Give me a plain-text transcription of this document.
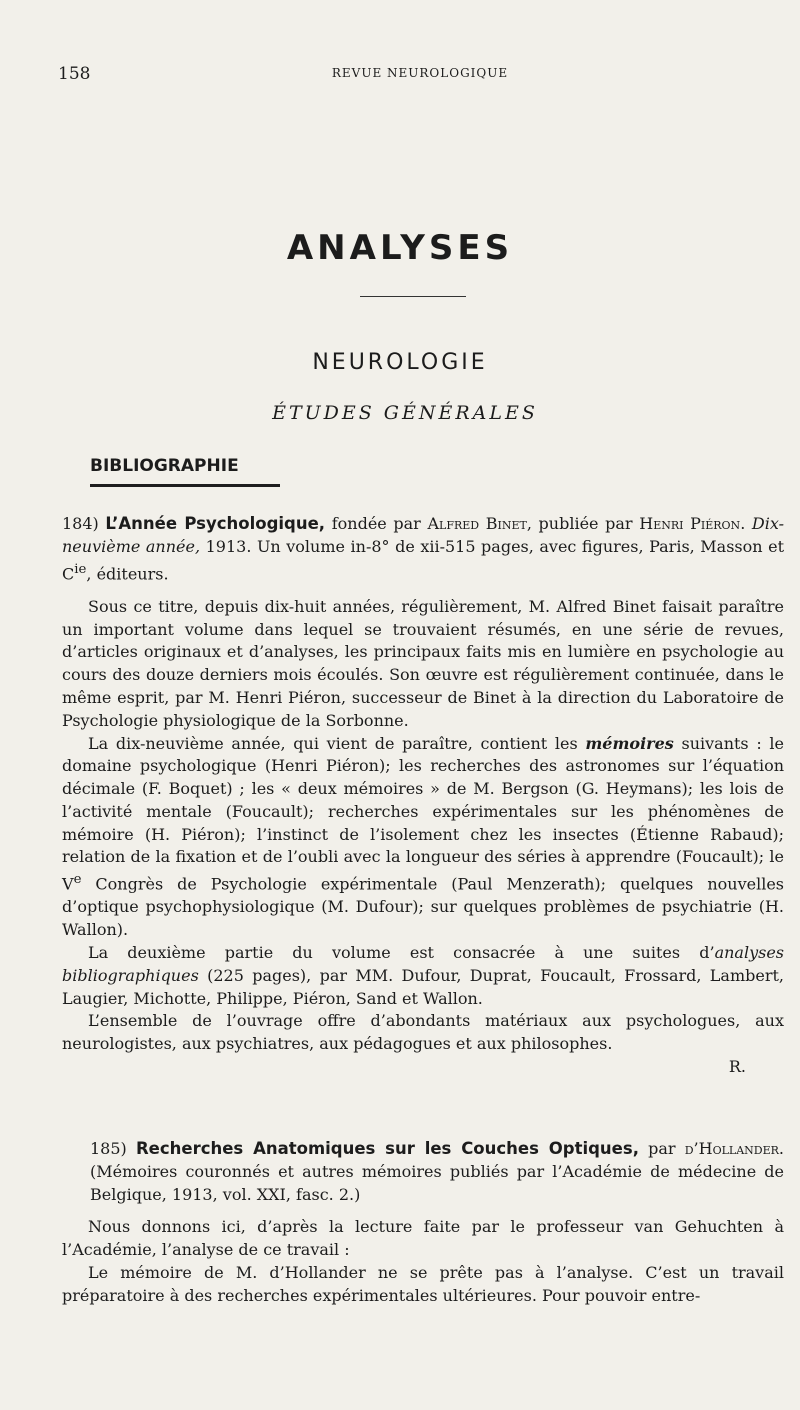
158	REVUE NEUROLOGIQUE
ANALYSES
NEUROLOGIE
ÉTUDES GÉNÉRALES
BIBLIOGRAPHIE

184) L’Année Psychologique, fondée par Alfred Binet, publiée par Henri Piéron. Dix-neuvième année, 1913. Un volume in-8° de xii-515 pages, avec figures, Paris, Masson et $C^{ie}$, éditeurs.

Sous ce titre, depuis dix-huit années, régulièrement, M. Alfred Binet faisait paraître un important volume dans lequel se trouvaient résumés, en une série de revues, d’articles originaux et d’analyses, les principaux faits mis en lumière en psychologie au cours des douze derniers mois écoulés. Son œuvre est régulièrement continuée, dans le même esprit, par M. Henri Piéron, successeur de Binet à la direction du Laboratoire de Psychologie physiologique de la Sorbonne.

La dix-neuvième année, qui vient de paraître, contient les mémoires suivants : le domaine psychologique (Henri Piéron); les recherches des astronomes sur l’équation décimale (F. Boquet) ; les « deux mémoires » de M. Bergson (G. Heymans); les lois de l’activité mentale (Foucault); recherches expérimentales sur les phénomènes de mémoire (H. Piéron); l’instinct de l’isolement chez les insectes (Étienne Rabaud); relation de la fixation et de l’oubli avec la longueur des séries à apprendre (Foucault); le Ve Congrès de Psychologie expérimentale (Paul Menzerath); quelques nouvelles d’optique psychophysiologique (M. Dufour); sur quelques problèmes de psychiatrie (H. Wallon).

La deuxième partie du volume est consacrée à une suites d’analyses bibliographiques (225 pages), par MM. Dufour, Duprat, Foucault, Frossard, Lambert, Laugier, Michotte, Philippe, Piéron, Sand et Wallon.

L’ensemble de l’ouvrage offre d’abondants matériaux aux psychologues, aux neurologistes, aux psychiatres, aux pédagogues et aux philosophes.

R.

185) Recherches Anatomiques sur les Couches Optiques, par d’Hollander. (Mémoires couronnés et autres mémoires publiés par l’Académie de médecine de Belgique, 1913, vol. XXI, fasc. 2.)

Nous donnons ici, d’après la lecture faite par le professeur van Gehuchten à l’Académie, l’analyse de ce travail :

Le mémoire de M. d’Hollander ne se prête pas à l’analyse. C’est un travail préparatoire à des recherches expérimentales ultérieures. Pour pouvoir entre-
